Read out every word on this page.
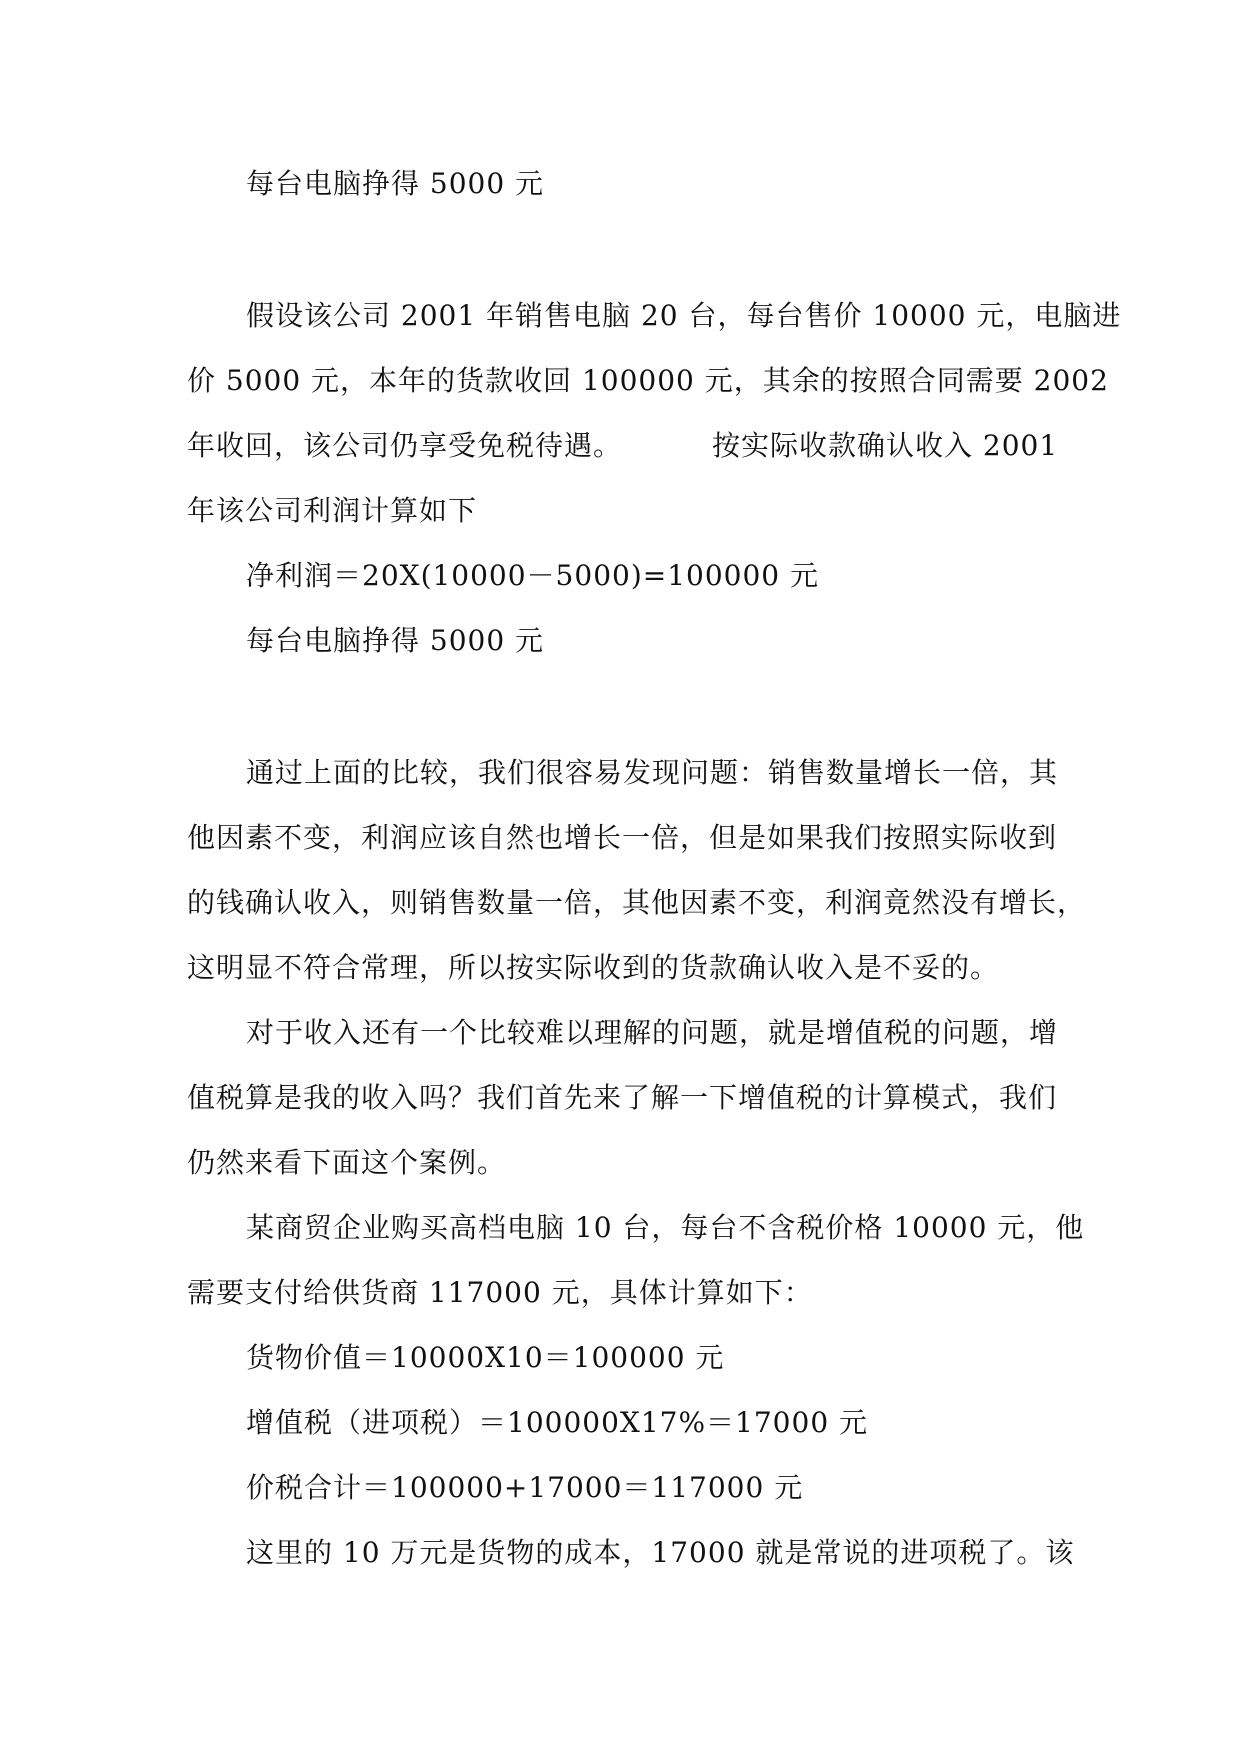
每台电脑挣得 5000 元

假设该公司 2001 年销售电脑 20 台，每台售价 10000 元，电脑进

价 5000 元，本年的货款收回 100000 元，其余的按照合同需要 2002

年收回，该公司仍享受免税待遇。	按实际收款确认收入 2001

年该公司利润计算如下

净利润＝20X(10000－5000)=100000 元

每台电脑挣得 5000 元

通过上面的比较，我们很容易发现问题：销售数量增长一倍，其

他因素不变，利润应该自然也增长一倍，但是如果我们按照实际收到

的钱确认收入，则销售数量一倍，其他因素不变，利润竟然没有增长，

这明显不符合常理，所以按实际收到的货款确认收入是不妥的。

对于收入还有一个比较难以理解的问题，就是增值税的问题，增

值税算是我的收入吗？我们首先来了解一下增值税的计算模式，我们

仍然来看下面这个案例。

某商贸企业购买高档电脑 10 台，每台不含税价格 10000 元，他

需要支付给供货商 117000 元，具体计算如下：

货物价值＝10000X10＝100000 元

增值税（进项税）＝100000X17%＝17000 元

价税合计＝100000+17000＝117000 元

这里的 10 万元是货物的成本，17000 就是常说的进项税了。该
